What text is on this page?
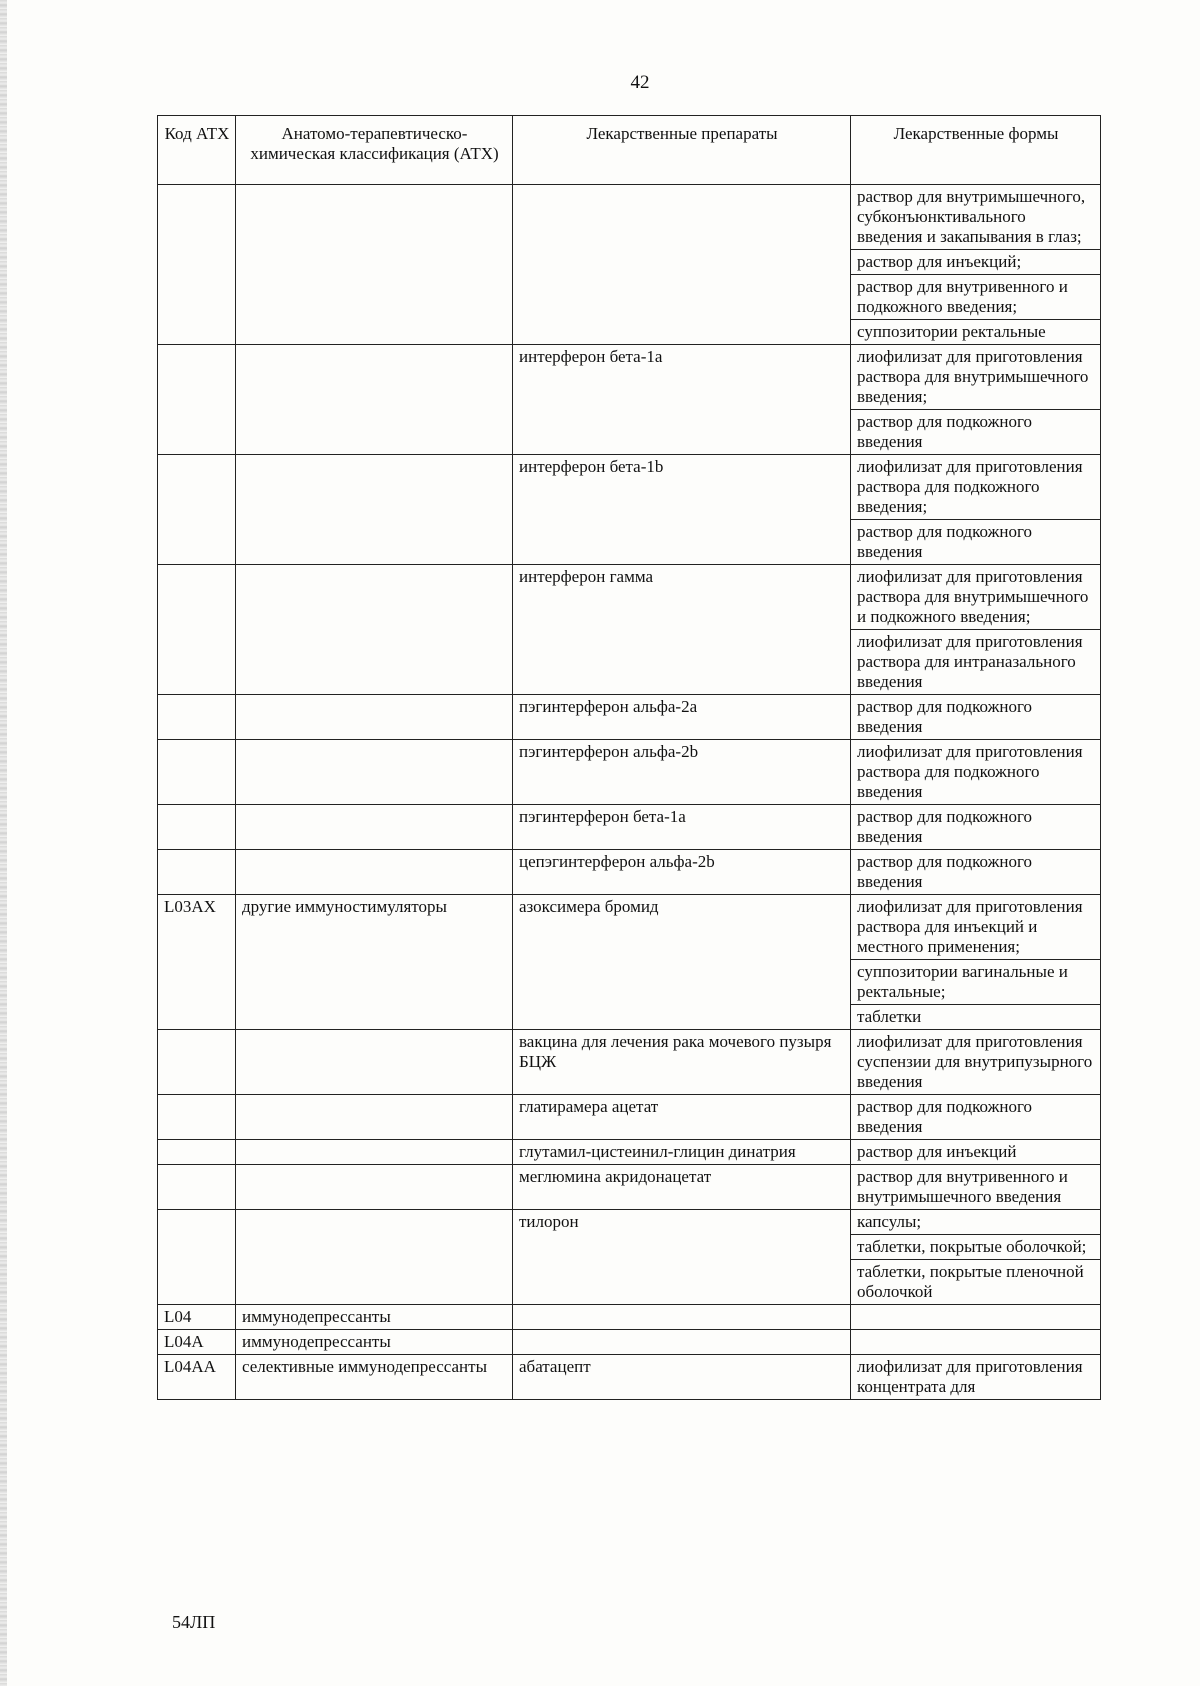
42
Код АТХ	Анатомо-терапевтическо-химическая классификация (АТХ)	Лекарственные препараты	Лекарственные формы
			раствор для внутримышечного, субконъюнктивального введения и закапывания в глаз;
			раствор для инъекций;
			раствор для внутривенного и подкожного введения;
			суппозитории ректальные
		интерферон бета-1a	лиофилизат для приготовления раствора для внутримышечного введения;
			раствор для подкожного введения
		интерферон бета-1b	лиофилизат для приготовления раствора для подкожного введения;
			раствор для подкожного введения
		интерферон гамма	лиофилизат для приготовления раствора для внутримышечного и подкожного введения;
			лиофилизат для приготовления раствора для интраназального введения
		пэгинтерферон альфа-2a	раствор для подкожного введения
		пэгинтерферон альфа-2b	лиофилизат для приготовления раствора для подкожного введения
		пэгинтерферон бета-1a	раствор для подкожного введения
		цепэгинтерферон альфа-2b	раствор для подкожного введения
L03AX	другие иммуностимуляторы	азоксимера бромид	лиофилизат для приготовления раствора для инъекций и местного применения;
			суппозитории вагинальные и ректальные;
			таблетки
		вакцина для лечения рака мочевого пузыря БЦЖ	лиофилизат для приготовления суспензии для внутрипузырного введения
		глатирамера ацетат	раствор для подкожного введения
		глутамил-цистеинил-глицин динатрия	раствор для инъекций
		меглюмина акридонацетат	раствор для внутривенного и внутримышечного введения
		тилорон	капсулы;
			таблетки, покрытые оболочкой;
			таблетки, покрытые пленочной оболочкой
L04	иммунодепрессанты		
L04A	иммунодепрессанты		
L04AA	селективные иммунодепрессанты	абатацепт	лиофилизат для приготовления концентрата для
54ЛП
